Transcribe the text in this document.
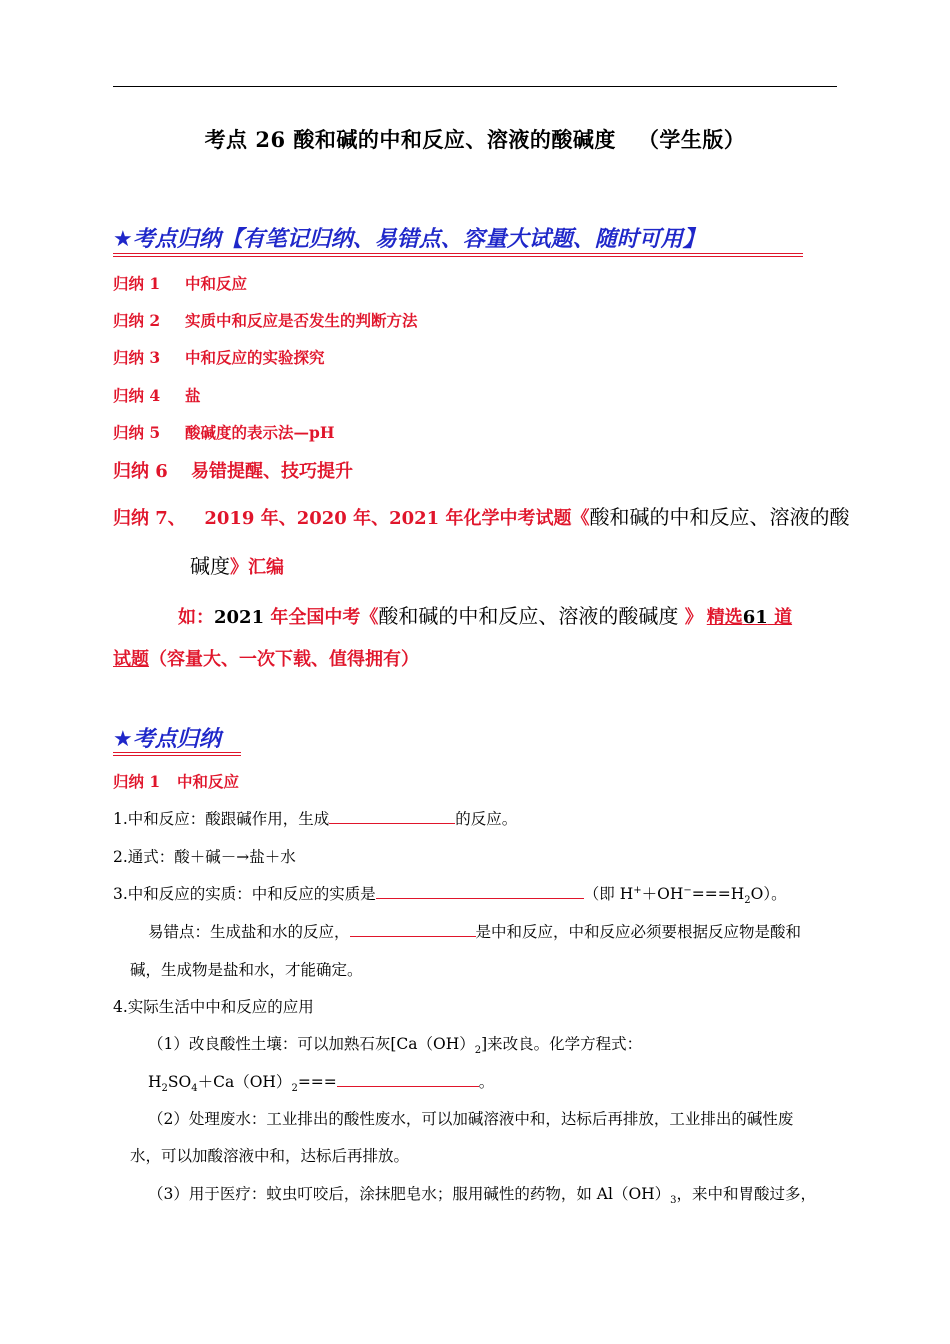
考点 26 酸和碱的中和反应、溶液的酸碱度 （学生版）
★考点归纳【有笔记归纳、易错点、容量大试题、随时可用】
归纳 1 中和反应
归纳 2 实质中和反应是否发生的判断方法
归纳 3 中和反应的实验探究
归纳 4 盐
归纳 5 酸碱度的表示法—pH
归纳 6 易错提醒、技巧提升
归纳 7、 2019 年、2020 年、2021 年化学中考试题《酸和碱的中和反应、溶液的酸
碱度》汇编
如：2021 年全国中考《酸和碱的中和反应、溶液的酸碱度 》 精选61 道
试题（容量大、一次下载、值得拥有）
★考点归纳
归纳 1 中和反应
1.中和反应：酸跟碱作用，生成	的反应。
2.通式：酸＋碱－→盐＋水
3.中和反应的实质：中和反应的实质是	（即 $H^++OH^-===H_2O$）。
易错点：生成盐和水的反应，	是中和反应，中和反应必须要根据反应物是酸和
碱，生成物是盐和水，才能确定。
4.实际生活中中和反应的应用
（1）改良酸性土壤：可以加熟石灰$[Ca(OH)_2]$来改良。化学方程式：
$H_2SO_4+Ca(OH)_2===$	。
（2）处理废水：工业排出的酸性废水，可以加碱溶液中和，达标后再排放，工业排出的碱性废
水，可以加酸溶液中和，达标后再排放。
（3）用于医疗：蚊虫叮咬后，涂抹肥皂水；服用碱性的药物，如 $Al(OH)_3$，来中和胃酸过多，
